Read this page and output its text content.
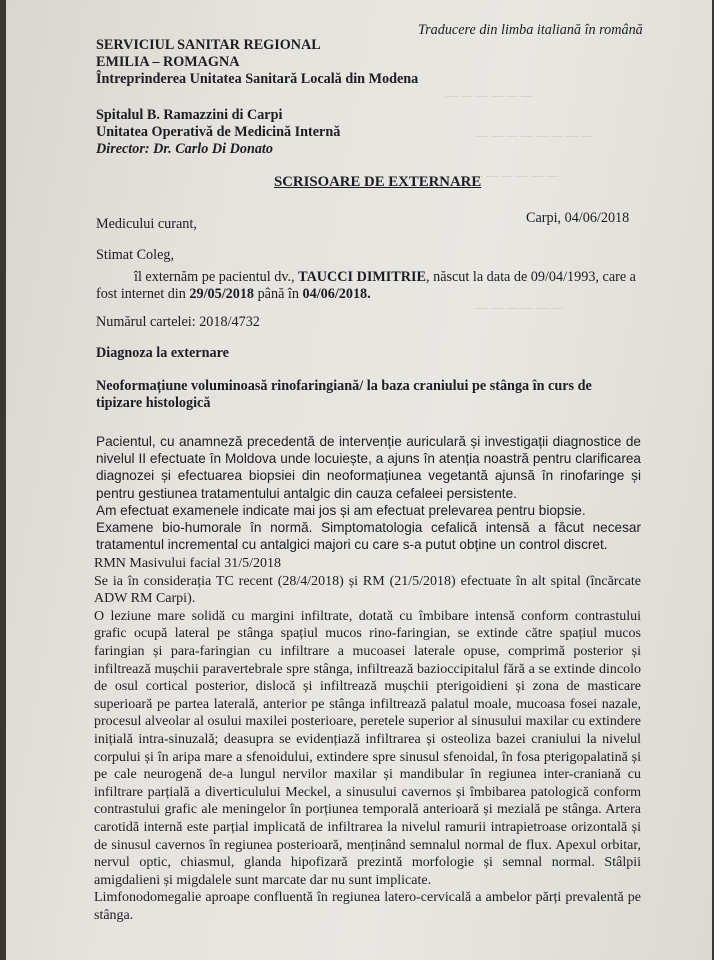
— — — — — —
— — — — — — — —
— — — — — — —
— — — — — —

Traducere din limba italiană în română

SERVICIUL SANITAR REGIONAL
EMILIA – ROMAGNA
Întreprinderea Unitatea Sanitară Locală din Modena
Spitalul B. Ramazzini di Carpi
Unitatea Operativă de Medicină Internă
Director: Dr. Carlo Di Donato

SCRISOARE DE EXTERNARE

Medicului curant,	Carpi, 04/06/2018

Stimat Coleg,

îl externăm pe pacientul dv., TAUCCI DIMITRIE, născut la data de 09/04/1993, care a fost internet din 29/05/2018 până în 04/06/2018.

Numărul cartelei: 2018/4732

Diagnoza la externare

Neoformațiune voluminoasă rinofaringiană/ la baza craniului pe stânga în curs de tipizare histologică

Pacientul, cu anamneză precedentă de intervenție auriculară și investigații diagnostice de nivelul II efectuate în Moldova unde locuiește, a ajuns în atenția noastră pentru clarificarea diagnozei și efectuarea biopsiei din neoformațiunea vegetantă ajunsă în rinofaringe și pentru gestiunea tratamentului antalgic din cauza cefaleei persistente.
Am efectuat examenele indicate mai jos și am efectuat prelevarea pentru biopsie.
Examene bio-humorale în normă. Simptomatologia cefalică intensă a făcut necesar tratamentul incremental cu antalgici majori cu care s-a putut obține un control discret.
RMN Masivului facial 31/5/2018
Se ia în considerația TC recent (28/4/2018) și RM (21/5/2018) efectuate în alt spital (încărcate ADW RM Carpi).
O leziune mare solidă cu margini infiltrate, dotată cu îmbibare intensă conform contrastului grafic ocupă lateral pe stânga spațiul mucos rino-faringian, se extinde către spațiul mucos faringian și para-faringian cu infiltrare a mucoasei laterale opuse, comprimă posterior și infiltrează mușchii paravertebrale spre stânga, infiltrează bazioccipitalul fără a se extinde dincolo de osul cortical posterior, dislocă și infiltrează mușchii pterigoidieni și zona de masticare superioară pe partea laterală, anterior pe stânga infiltrează palatul moale, mucoasa fosei nazale, procesul alveolar al osului maxilei posterioare, peretele superior al sinusului maxilar cu extindere inițială intra-sinuzală; deasupra se evidențiază infiltrarea și osteoliza bazei craniului la nivelul corpului și în aripa mare a sfenoidului, extindere spre sinusul sfenoidal, în fosa pterigopalatină și pe cale neurogenă de-a lungul nervilor maxilar și mandibular în regiunea inter-craniană cu infiltrare parțială a diverticulului Meckel, a sinusului cavernos și îmbibarea patologică conform contrastului grafic ale meningelor în porțiunea temporală anterioară și mezială pe stânga. Artera carotidă internă este parțial implicată de infiltrarea la nivelul ramurii intrapietroase orizontală și de sinusul cavernos în regiunea posterioară, menținând semnalul normal de flux. Apexul orbitar, nervul optic, chiasmul, glanda hipofizară prezintă morfologie și semnal normal. Stâlpii amigdalieni și migdalele sunt marcate dar nu sunt implicate.
Limfonodomegalie aproape confluentă în regiunea latero-cervicală a ambelor părți prevalentă pe stânga.
